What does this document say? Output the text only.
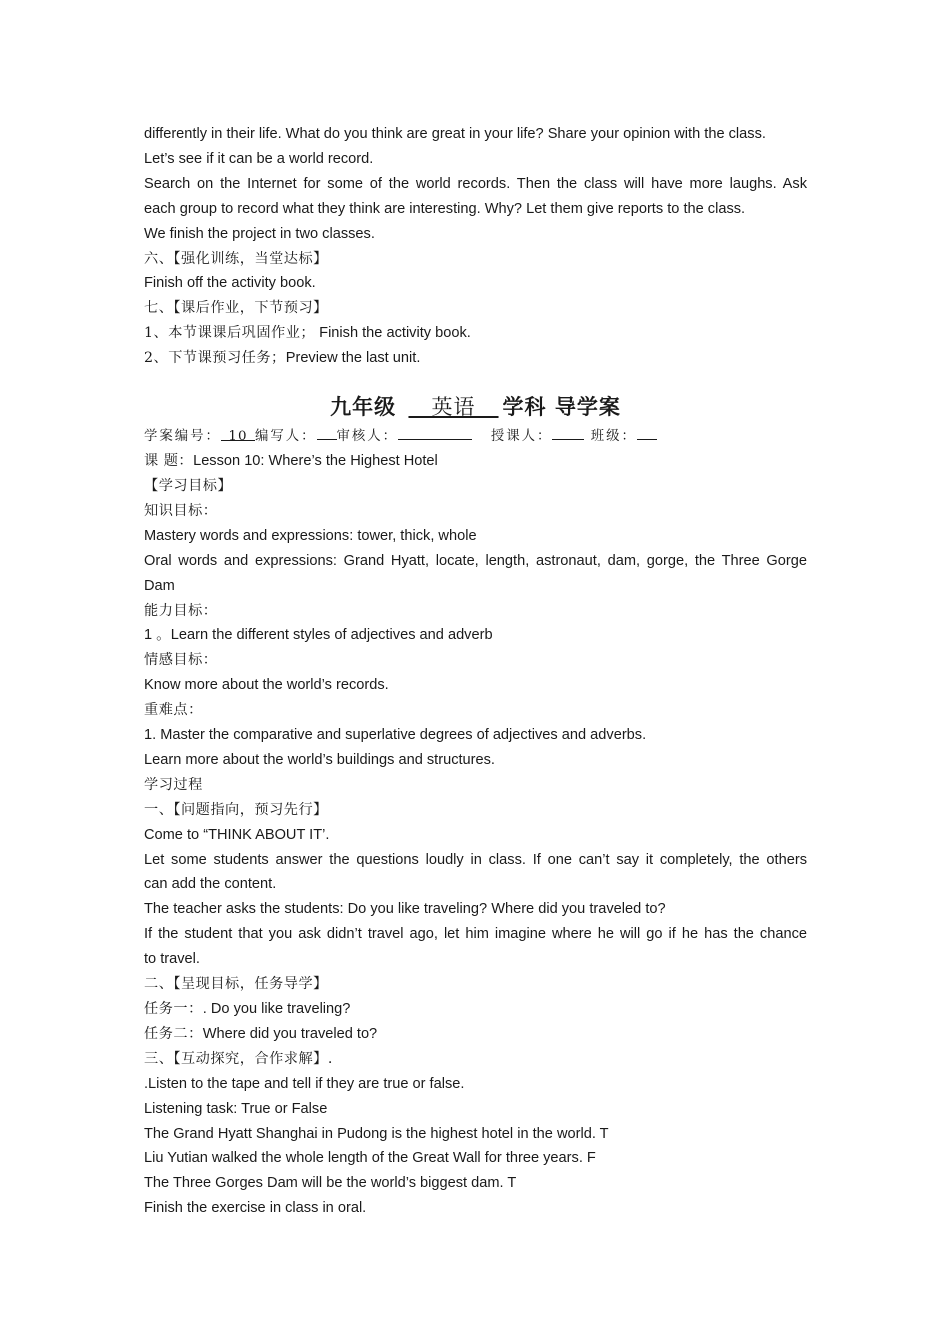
differently in their life. What do you think are great in your life? Share your opinion with the class.
Let’s see if it can be a world record.
Search on the Internet for some of the world records. Then the class will have more laughs. Ask
each group to record what they think are interesting. Why? Let them give reports to the class.
We finish the project in two classes.
六、【强化训练，当堂达标】
Finish off the activity book.
七、【课后作业，下节预习】
1、本节课课后巩固作业； Finish the activity book.
2、下节课预习任务；Preview the last unit.
九年级 英语 学科 导学案
学案编号： 10 编写人： 审核人：	授课人：	班级：
课 题：Lesson 10: Where’s the Highest Hotel
【学习目标】
知识目标：
Mastery words and expressions: tower, thick, whole
Oral words and expressions: Grand Hyatt, locate, length, astronaut, dam, gorge, the Three Gorge
Dam
能力目标：
1 。Learn the different styles of adjectives and adverb
情感目标：
Know more about the world’s records.
重难点：
1. Master the comparative and superlative degrees of adjectives and adverbs.
Learn more about the world’s buildings and structures.
学习过程
一、【问题指向，预习先行】
Come to “THINK ABOUT IT’.
Let some students answer the questions loudly in class. If one can’t say it completely, the others
can add the content.
The teacher asks the students: Do you like traveling? Where did you traveled to?
If the student that you ask didn’t travel ago, let him imagine where he will go if he has the chance
to travel.
二、【呈现目标，任务导学】
任务一：. Do you like traveling?
任务二：Where did you traveled to?
三、【互动探究，合作求解】.
.Listen to the tape and tell if they are true or false.
Listening task: True or False
The Grand Hyatt Shanghai in Pudong is the highest hotel in the world. T
Liu Yutian walked the whole length of the Great Wall for three years. F
The Three Gorges Dam will be the world’s biggest dam. T
Finish the exercise in class in oral.
